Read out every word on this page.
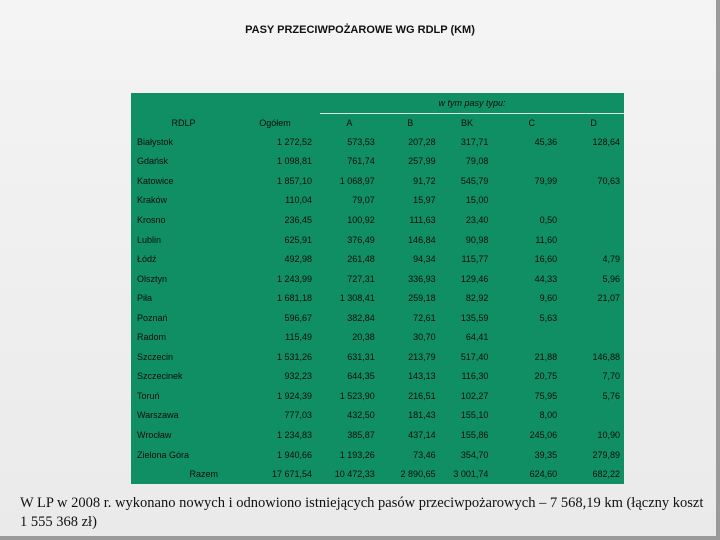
PASY PRZECIWPOŻAROWE WG RDLP (KM)
		w tym pasy typu:				
RDLP	Ogółem	A	B	BK	C	D
Białystok	1 272,52	573,53	207,28	317,71	45,36	128,64
Gdańsk	1 098,81	761,74	257,99	79,08		
Katowice	1 857,10	1 068,97	91,72	545,79	79,99	70,63
Kraków	110,04	79,07	15,97	15,00		
Krosno	236,45	100,92	111,63	23,40	0,50	
Lublin	625,91	376,49	146,84	90,98	11,60	
Łódź	492,98	261,48	94,34	115,77	16,60	4,79
Olsztyn	1 243,99	727,31	336,93	129,46	44,33	5,96
Piła	1 681,18	1 308,41	259,18	82,92	9,60	21,07
Poznań	596,67	382,84	72,61	135,59	5,63	
Radom	115,49	20,38	30,70	64,41		
Szczecin	1 531,26	631,31	213,79	517,40	21,88	146,88
Szczecinek	932,23	644,35	143,13	116,30	20,75	7,70
Toruń	1 924,39	1 523,90	216,51	102,27	75,95	5,76
Warszawa	777,03	432,50	181,43	155,10	8,00	
Wrocław	1 234,83	385,87	437,14	155,86	245,06	10,90
Zielona Góra	1 940,66	1 193,26	73,46	354,70	39,35	279,89
Razem	17 671,54	10 472,33	2 890,65	3 001,74	624,60	682,22
W LP w 2008 r. wykonano nowych i odnowiono istniejących pasów przeciwpożarowych – 7 568,19 km (łączny koszt 1 555 368 zł)
